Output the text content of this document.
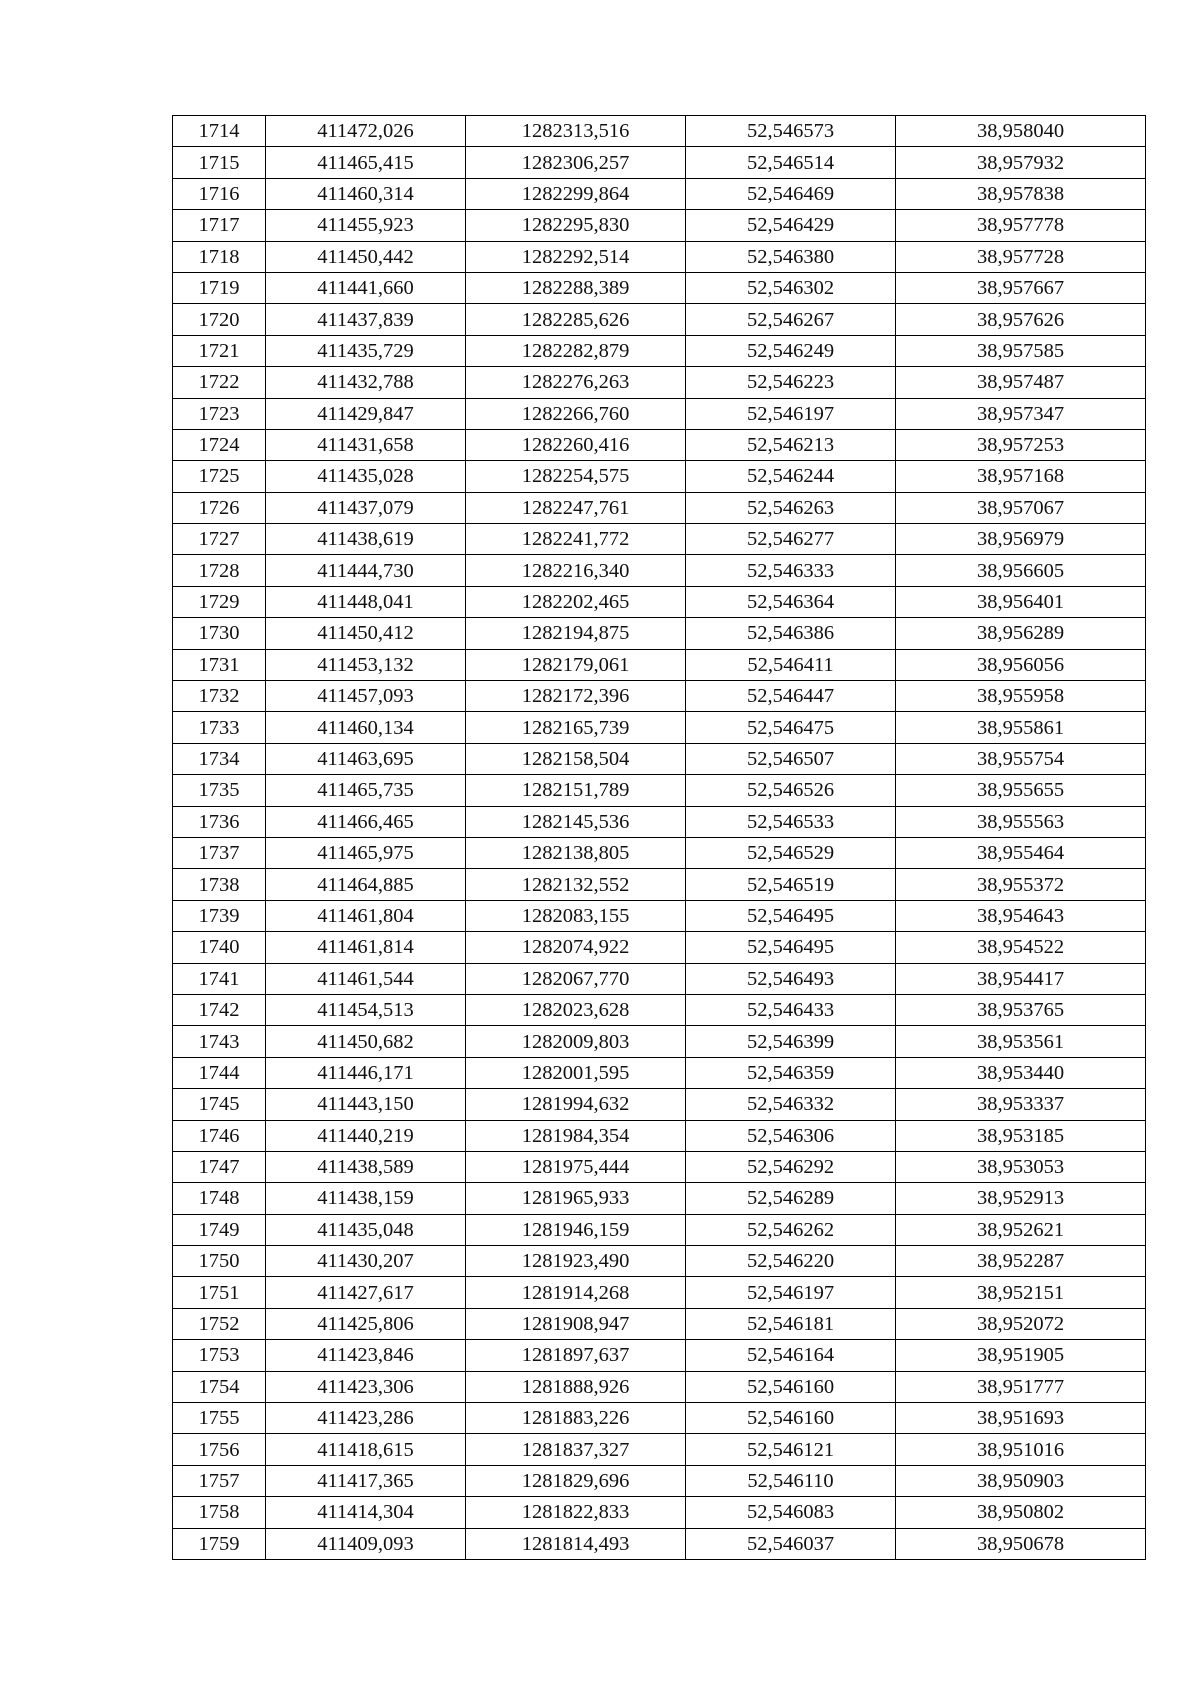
1714	411472,026	1282313,516	52,546573	38,958040
1715	411465,415	1282306,257	52,546514	38,957932
1716	411460,314	1282299,864	52,546469	38,957838
1717	411455,923	1282295,830	52,546429	38,957778
1718	411450,442	1282292,514	52,546380	38,957728
1719	411441,660	1282288,389	52,546302	38,957667
1720	411437,839	1282285,626	52,546267	38,957626
1721	411435,729	1282282,879	52,546249	38,957585
1722	411432,788	1282276,263	52,546223	38,957487
1723	411429,847	1282266,760	52,546197	38,957347
1724	411431,658	1282260,416	52,546213	38,957253
1725	411435,028	1282254,575	52,546244	38,957168
1726	411437,079	1282247,761	52,546263	38,957067
1727	411438,619	1282241,772	52,546277	38,956979
1728	411444,730	1282216,340	52,546333	38,956605
1729	411448,041	1282202,465	52,546364	38,956401
1730	411450,412	1282194,875	52,546386	38,956289
1731	411453,132	1282179,061	52,546411	38,956056
1732	411457,093	1282172,396	52,546447	38,955958
1733	411460,134	1282165,739	52,546475	38,955861
1734	411463,695	1282158,504	52,546507	38,955754
1735	411465,735	1282151,789	52,546526	38,955655
1736	411466,465	1282145,536	52,546533	38,955563
1737	411465,975	1282138,805	52,546529	38,955464
1738	411464,885	1282132,552	52,546519	38,955372
1739	411461,804	1282083,155	52,546495	38,954643
1740	411461,814	1282074,922	52,546495	38,954522
1741	411461,544	1282067,770	52,546493	38,954417
1742	411454,513	1282023,628	52,546433	38,953765
1743	411450,682	1282009,803	52,546399	38,953561
1744	411446,171	1282001,595	52,546359	38,953440
1745	411443,150	1281994,632	52,546332	38,953337
1746	411440,219	1281984,354	52,546306	38,953185
1747	411438,589	1281975,444	52,546292	38,953053
1748	411438,159	1281965,933	52,546289	38,952913
1749	411435,048	1281946,159	52,546262	38,952621
1750	411430,207	1281923,490	52,546220	38,952287
1751	411427,617	1281914,268	52,546197	38,952151
1752	411425,806	1281908,947	52,546181	38,952072
1753	411423,846	1281897,637	52,546164	38,951905
1754	411423,306	1281888,926	52,546160	38,951777
1755	411423,286	1281883,226	52,546160	38,951693
1756	411418,615	1281837,327	52,546121	38,951016
1757	411417,365	1281829,696	52,546110	38,950903
1758	411414,304	1281822,833	52,546083	38,950802
1759	411409,093	1281814,493	52,546037	38,950678
